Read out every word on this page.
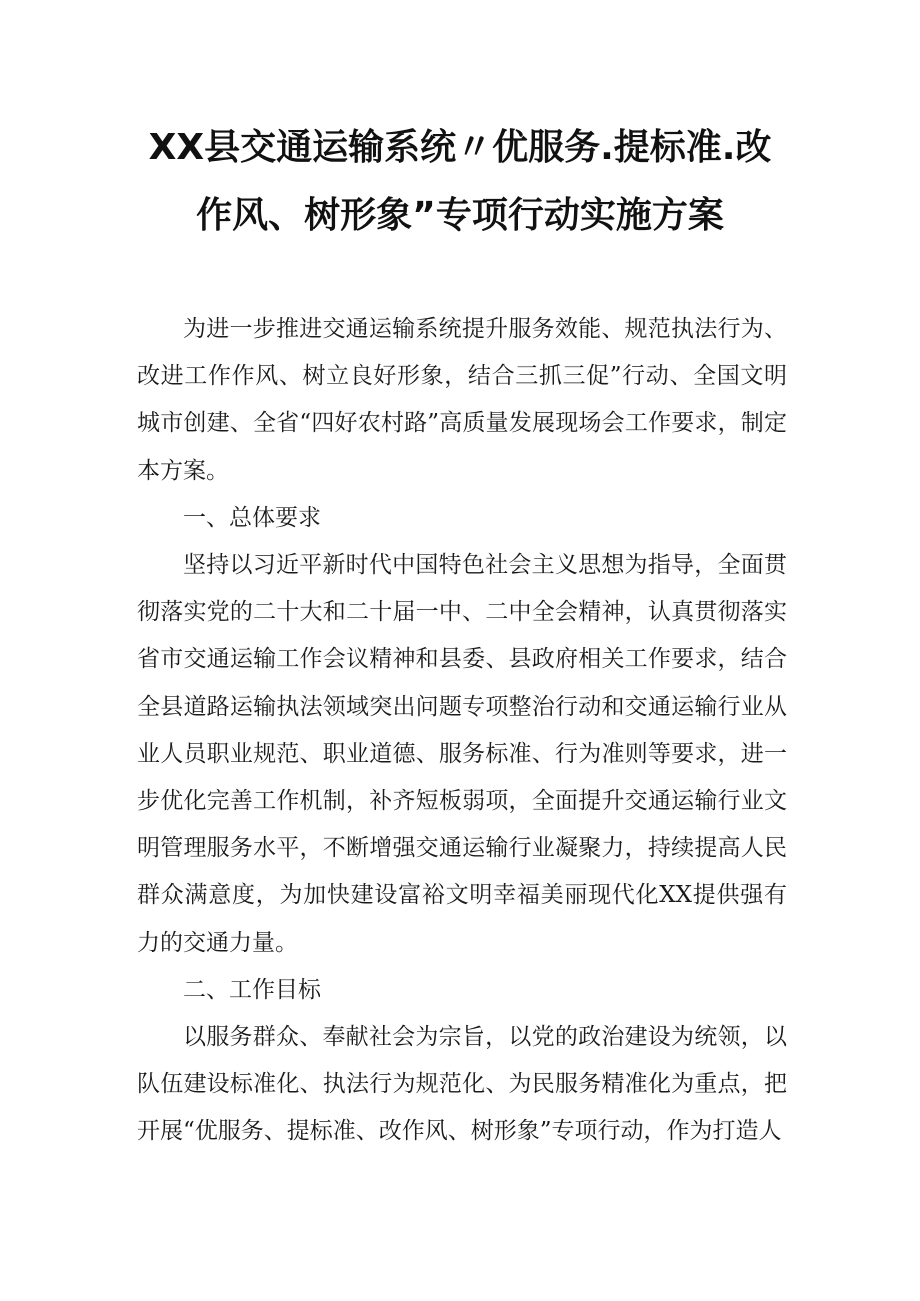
XX县交通运输系统〃优服务.提标准.改
作风、树形象”专项行动实施方案

为进一步推进交通运输系统提升服务效能、规范执法行为、改进工作作风、树立良好形象，结合三抓三促”行动、全国文明城市创建、全省“四好农村路”高质量发展现场会工作要求，制定本方案。

一、总体要求

坚持以习近平新时代中国特色社会主义思想为指导，全面贯彻落实党的二十大和二十届一中、二中全会精神，认真贯彻落实省市交通运输工作会议精神和县委、县政府相关工作要求，结合全县道路运输执法领域突出问题专项整治行动和交通运输行业从业人员职业规范、职业道德、服务标准、行为准则等要求，进一步优化完善工作机制，补齐短板弱项，全面提升交通运输行业文明管理服务水平，不断增强交通运输行业凝聚力，持续提高人民群众满意度，为加快建设富裕文明幸福美丽现代化XX提供强有力的交通力量。

二、工作目标

以服务群众、奉献社会为宗旨，以党的政治建设为统领，以队伍建设标准化、执法行为规范化、为民服务精准化为重点，把开展“优服务、提标准、改作风、树形象”专项行动，作为打造人
